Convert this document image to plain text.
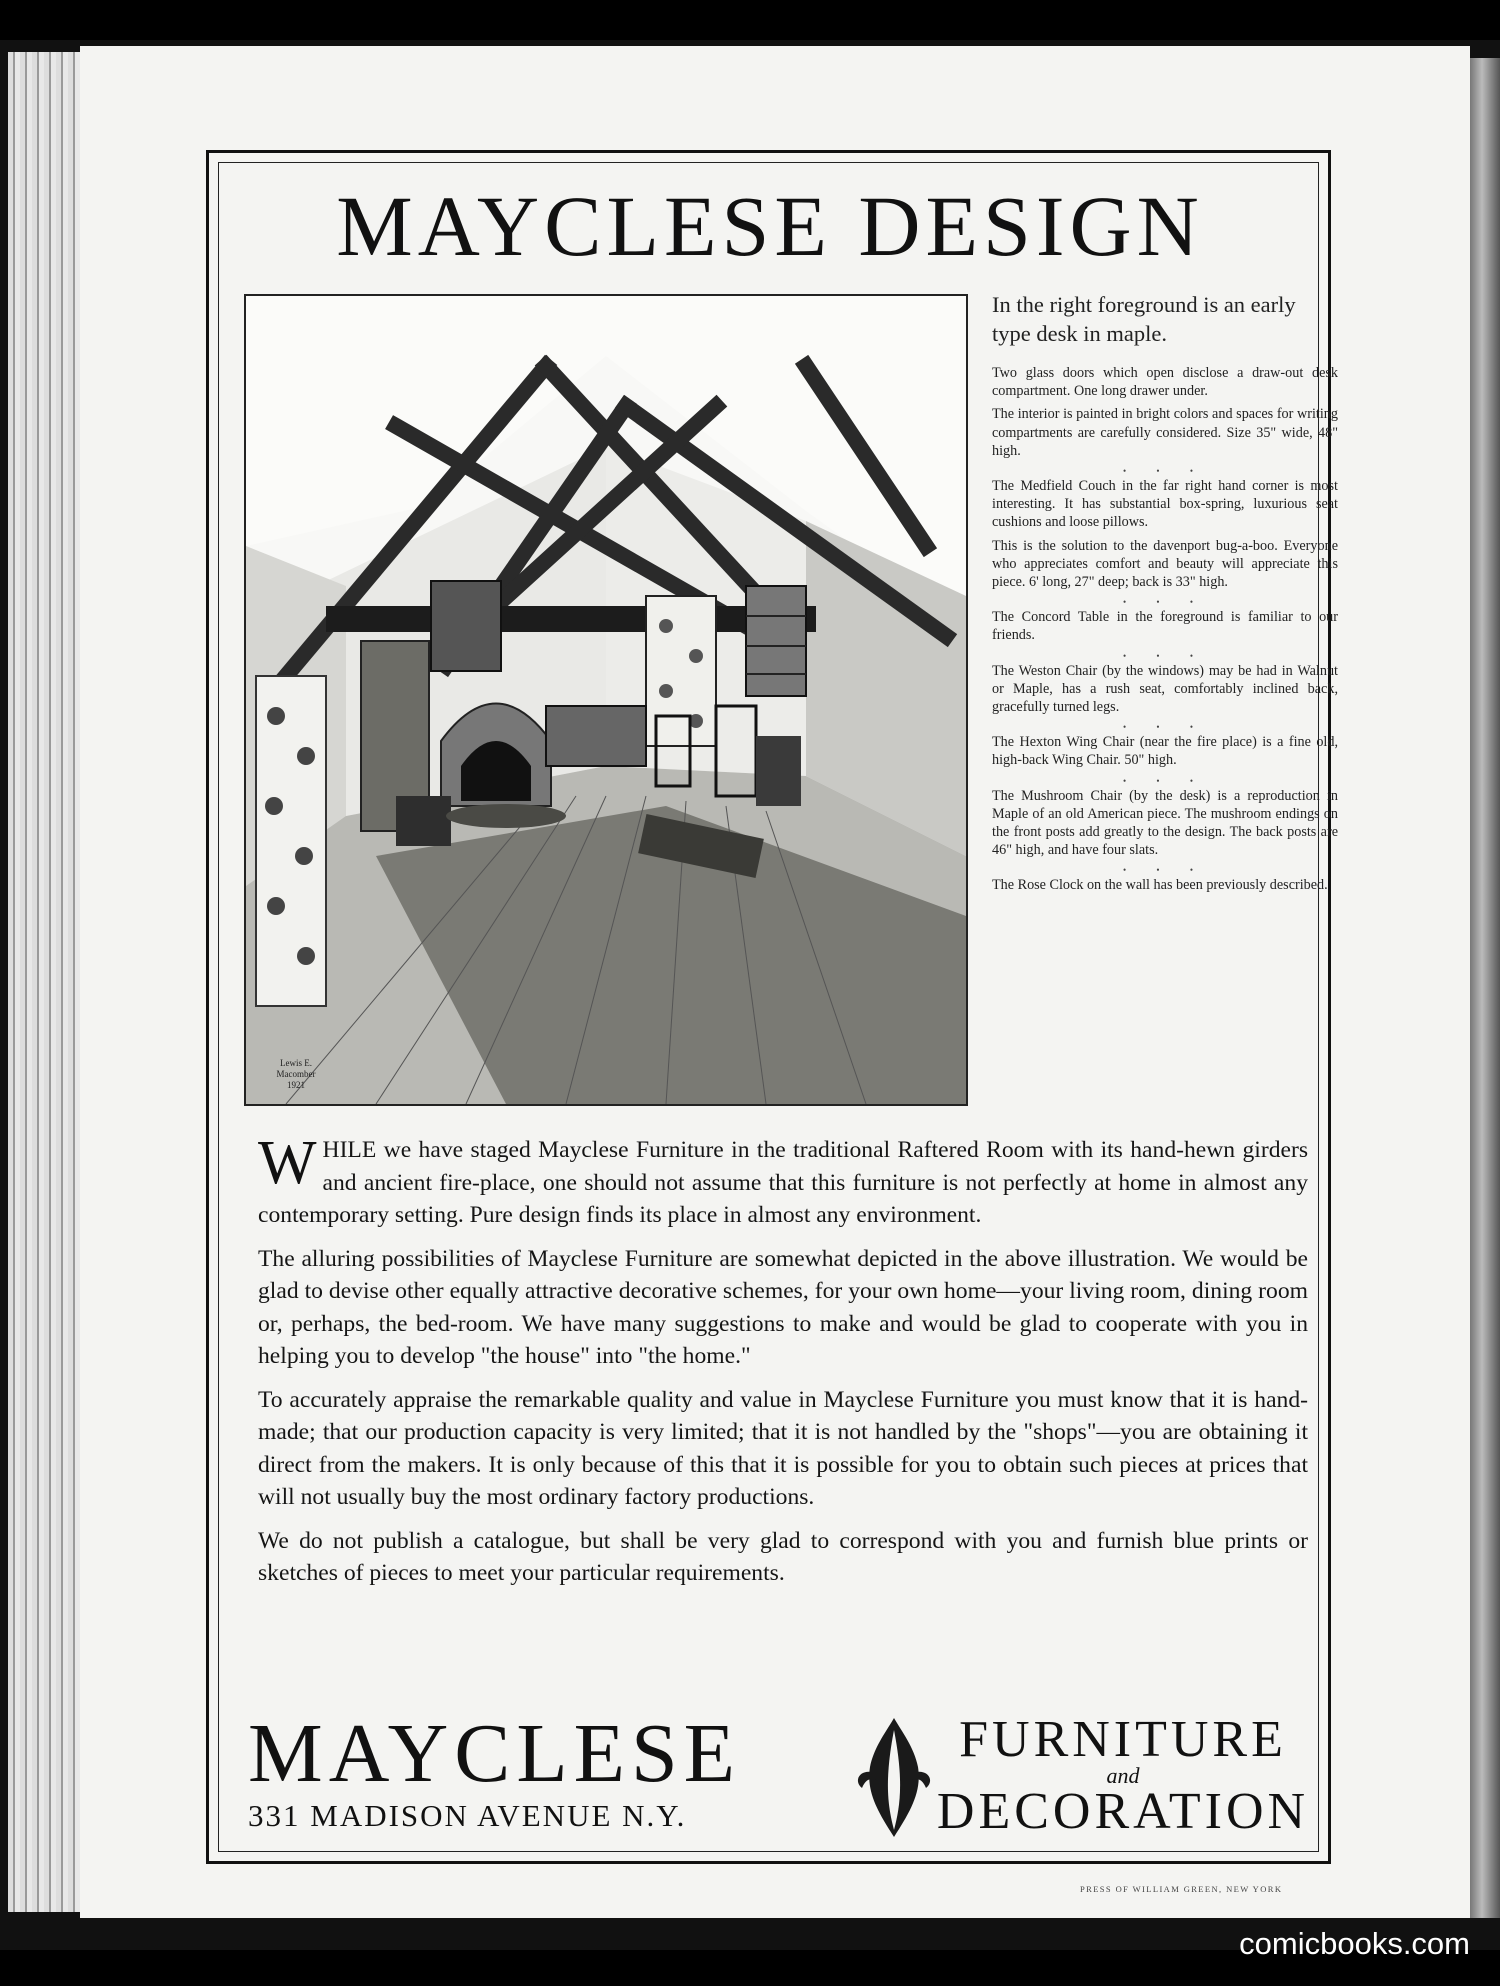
MAYCLESE DESIGN
Lewis E.
Macomber
1921
In the right foreground is an early type desk in maple.

Two glass doors which open disclose a draw-out desk compartment. One long drawer under.

The interior is painted in bright colors and spaces for writing compartments are carefully considered. Size 35" wide, 48" high.

• • •

The Medfield Couch in the far right hand corner is most interesting. It has substantial box-spring, luxurious seat cushions and loose pillows.

This is the solution to the davenport bug-a-boo. Everyone who appreciates comfort and beauty will appreciate this piece. 6' long, 27" deep; back is 33" high.

• • •

The Concord Table in the foreground is familiar to our friends.

• • •

The Weston Chair (by the windows) may be had in Walnut or Maple, has a rush seat, comfortably inclined back, gracefully turned legs.

• • •

The Hexton Wing Chair (near the fire place) is a fine old, high-back Wing Chair. 50" high.

• • •

The Mushroom Chair (by the desk) is a reproduction in Maple of an old American piece. The mushroom endings on the front posts add greatly to the design. The back posts are 46" high, and have four slats.

• • •

The Rose Clock on the wall has been previously described.

WHILE we have staged Mayclese Furniture in the traditional Raftered Room with its hand-hewn girders and ancient fire-place, one should not assume that this furniture is not perfectly at home in almost any contemporary setting. Pure design finds its place in almost any environment.

The alluring possibilities of Mayclese Furniture are somewhat depicted in the above illustration. We would be glad to devise other equally attractive decorative schemes, for your own home—your living room, dining room or, perhaps, the bed-room. We have many suggestions to make and would be glad to cooperate with you in helping you to develop "the house" into "the home."

To accurately appraise the remarkable quality and value in Mayclese Furniture you must know that it is hand-made; that our production capacity is very limited; that it is not handled by the "shops"—you are obtaining it direct from the makers. It is only because of this that it is possible for you to obtain such pieces at prices that will not usually buy the most ordinary factory productions.

We do not publish a catalogue, but shall be very glad to correspond with you and furnish blue prints or sketches of pieces to meet your particular requirements.

MAYCLESE
331 MADISON AVENUE N.Y.
FURNITURE
and
DECORATION
PRESS OF WILLIAM GREEN, NEW YORK
comicbooks.com
